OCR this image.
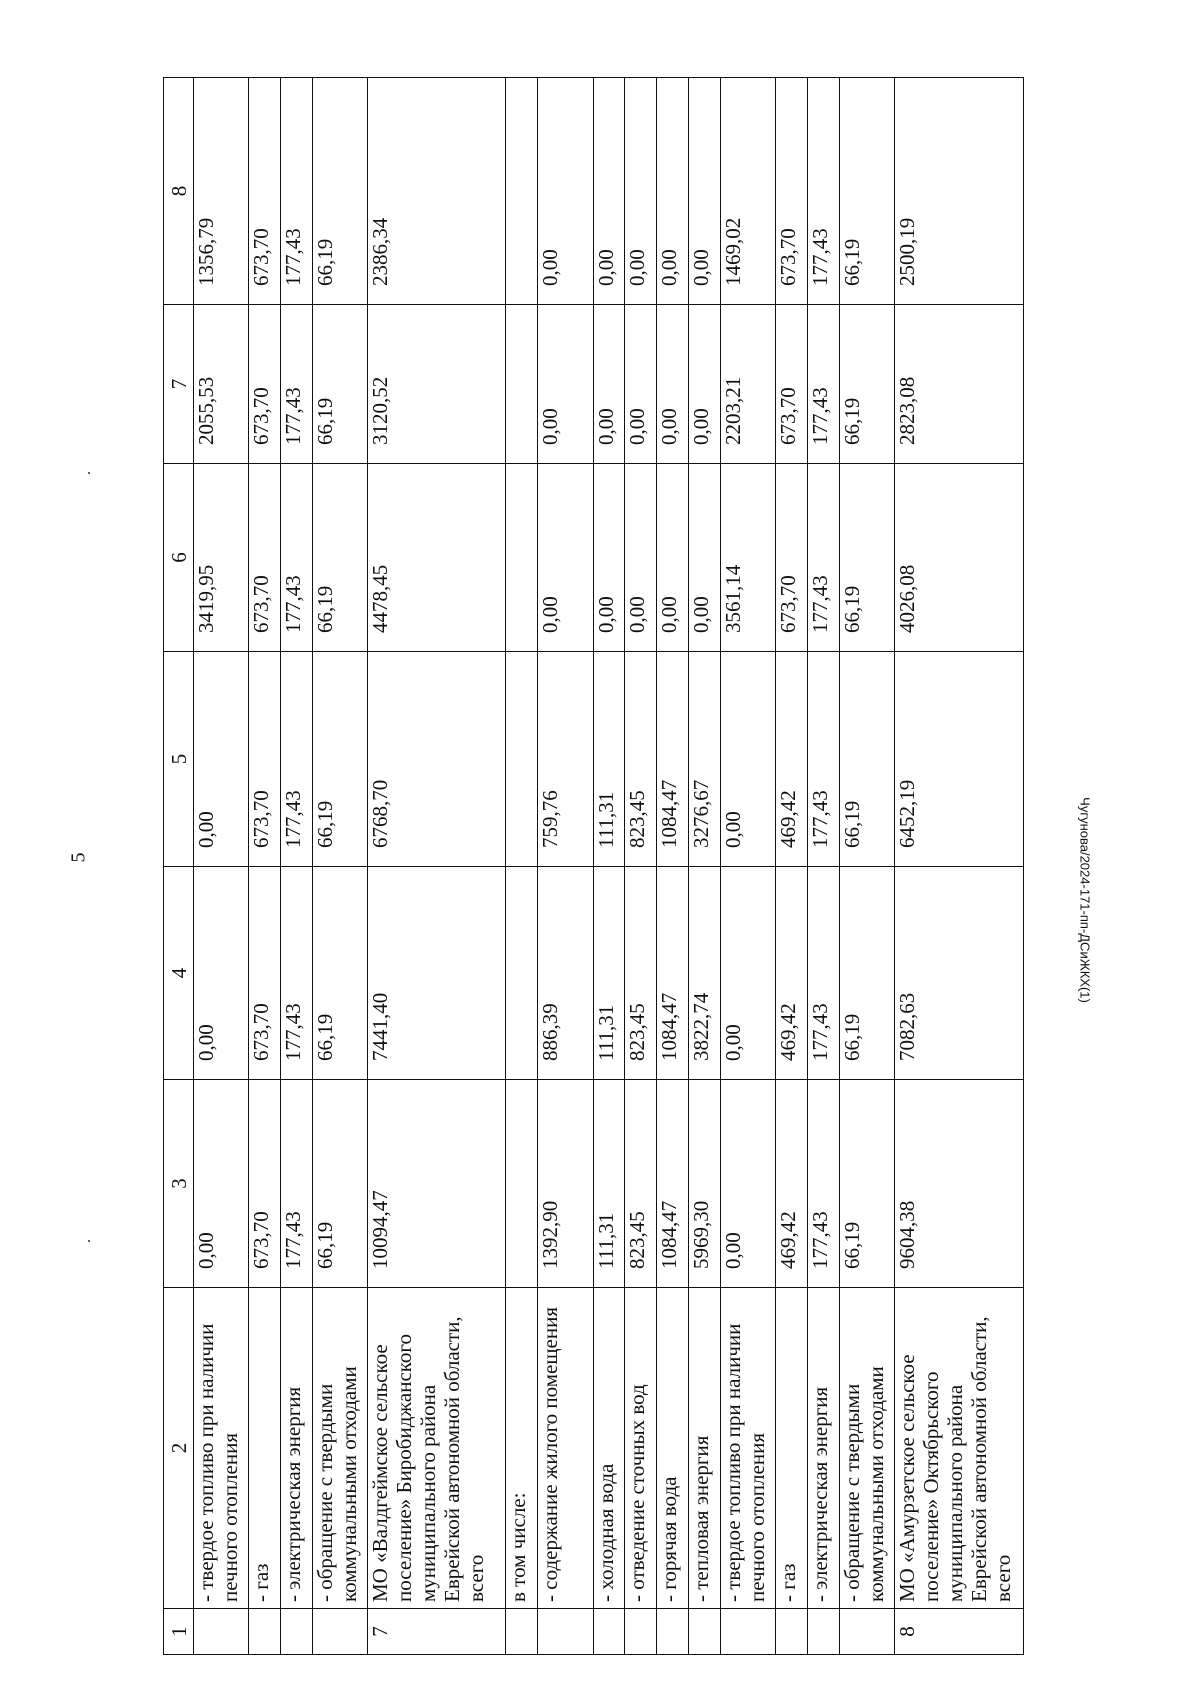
5	Чугунова/2024-171-пп-ДСиЖКХ(1)
1	2	3	4	5	6	7	8
	- твердое топливо при наличии печного отопления	0,00	0,00	0,00	3419,95	2055,53	1356,79
	- газ	673,70	673,70	673,70	673,70	673,70	673,70
	- электрическая энергия	177,43	177,43	177,43	177,43	177,43	177,43
	- обращение с твердыми коммунальными отходами	66,19	66,19	66,19	66,19	66,19	66,19
7	МО «Валдгеймское сельское поселение» Биробиджанского муниципального района Еврейской автономной области, всего	10094,47	7441,40	6768,70	4478,45	3120,52	2386,34
	в том числе:						
	- содержание жилого помещения	1392,90	886,39	759,76	0,00	0,00	0,00
	- холодная вода	111,31	111,31	111,31	0,00	0,00	0,00
	- отведение сточных вод	823,45	823,45	823,45	0,00	0,00	0,00
	- горячая вода	1084,47	1084,47	1084,47	0,00	0,00	0,00
	- тепловая энергия	5969,30	3822,74	3276,67	0,00	0,00	0,00
	- твердое топливо при наличии печного отопления	0,00	0,00	0,00	3561,14	2203,21	1469,02
	- газ	469,42	469,42	469,42	673,70	673,70	673,70
	- электрическая энергия	177,43	177,43	177,43	177,43	177,43	177,43
	- обращение с твердыми коммунальными отходами	66,19	66,19	66,19	66,19	66,19	66,19
8	МО «Амурзетское сельское поселение» Октябрьского муниципального района Еврейской автономной области, всего	9604,38	7082,63	6452,19	4026,08	2823,08	2500,19
